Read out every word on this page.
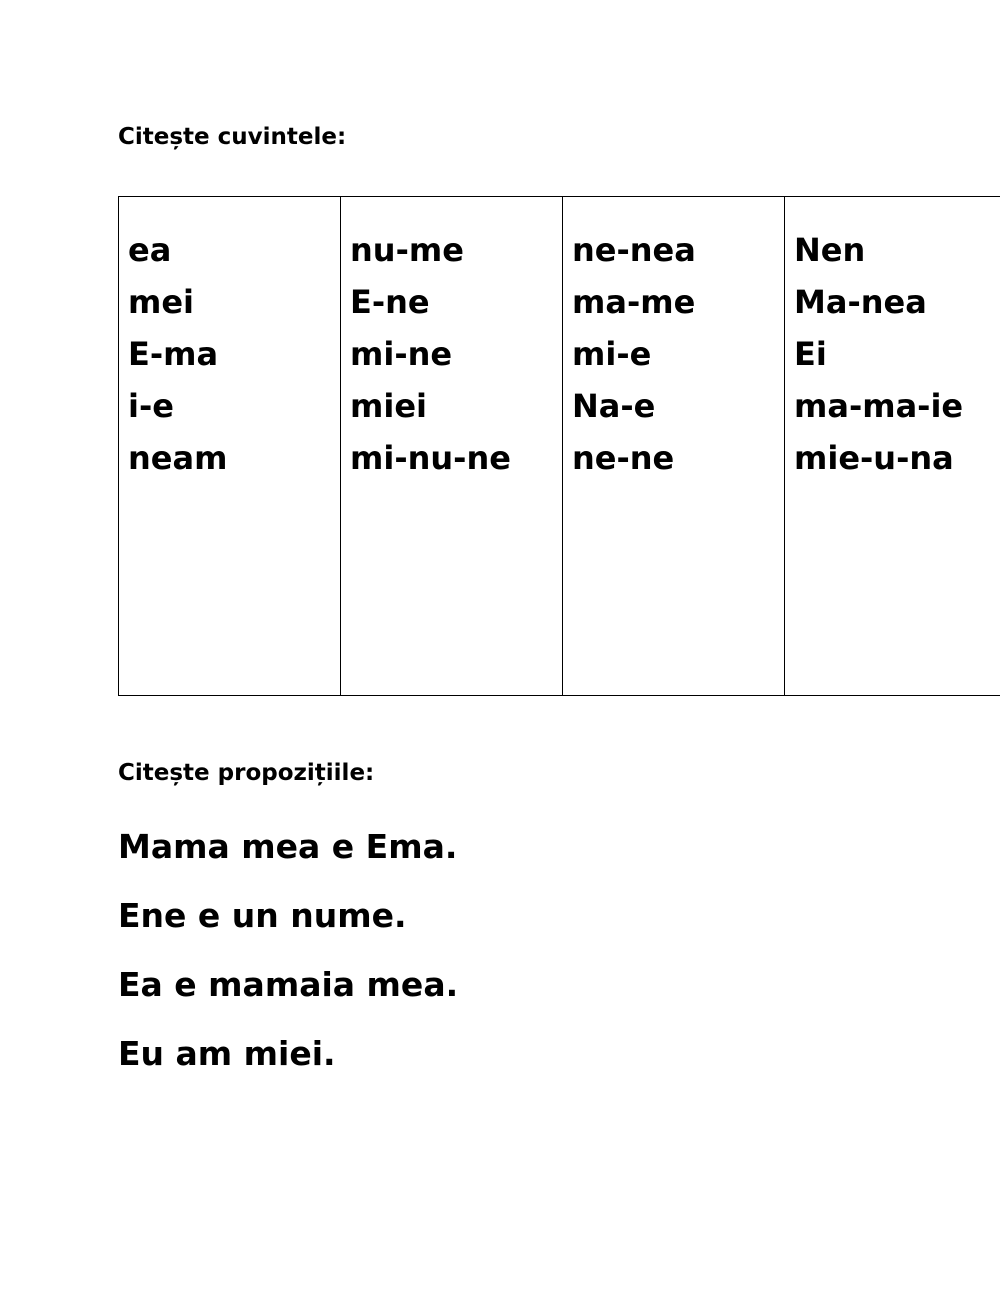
Citește cuvintele:
ea
mei
E-ma
i-e
neam

nu-me
E-ne
mi-ne
miei
mi-nu-ne

ne-nea
ma-me
mi-e
Na-e
ne-ne

Nen
Ma-nea
Ei
ma-ma-ie
mie-u-na
Citește propozițiile:
Mama mea e Ema.
Ene e un nume.
Ea e mamaia mea.
Eu am miei.
